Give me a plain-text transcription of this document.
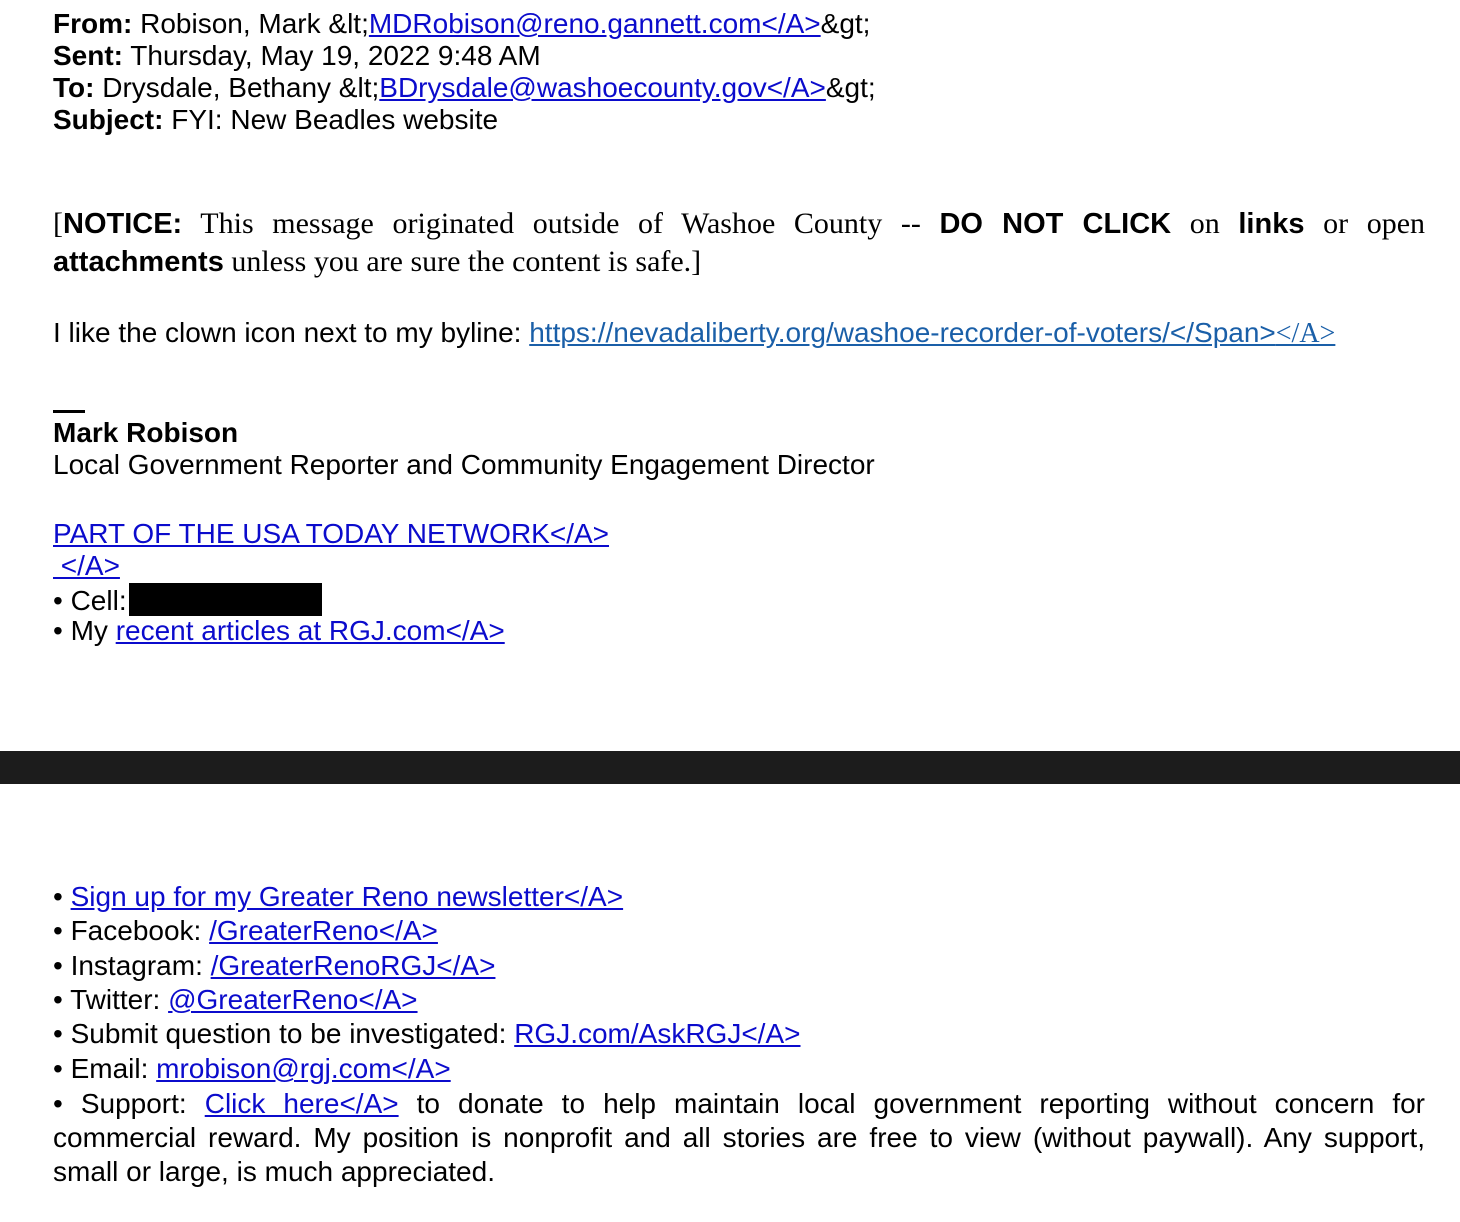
From: Robison, Mark &lt;MDRobison@reno.gannett.com</A>&gt;
Sent: Thursday, May 19, 2022 9:48 AM
To: Drysdale, Bethany &lt;BDrysdale@washoecounty.gov</A>&gt;
Subject: FYI: New Beadles website
[NOTICE: This message originated outside of Washoe County -- DO NOT CLICK on links or open attachments unless you are sure the content is safe.]
I like the clown icon next to my byline: https://nevadaliberty.org/washoe-recorder-of-voters/</Span></A>
Mark Robison
Local Government Reporter and Community Engagement Director
PART OF THE USA TODAY NETWORK</A>
</A>
• Cell:
• My recent articles at RGJ.com</A>
• Sign up for my Greater Reno newsletter</A>
• Facebook: /GreaterReno</A>
• Instagram: /GreaterRenoRGJ</A>
• Twitter: @GreaterReno</A>
• Submit question to be investigated: RGJ.com/AskRGJ</A>
• Email: mrobison@rgj.com</A>
• Support: Click here</A> to donate to help maintain local government reporting without concern for commercial reward. My position is nonprofit and all stories are free to view (without paywall). Any support, small or large, is much appreciated.
